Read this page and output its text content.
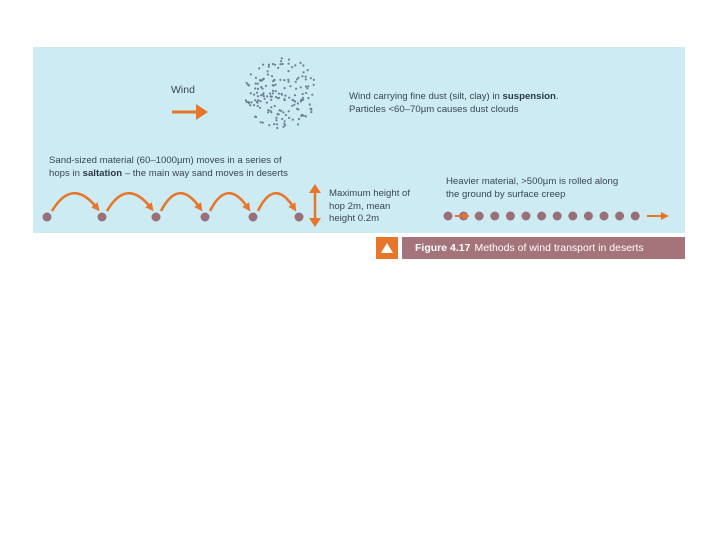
Wind
Wind carrying fine dust (silt, clay) in suspension.
Particles <60–70µm causes dust clouds
Sand-sized material (60–1000µm) moves in a series of
hops in saltation – the main way sand moves in deserts
Maximum height of
hop 2m, mean
height 0.2m
Heavier material, >500µm is rolled along
the ground by surface creep
Figure 4.17 Methods of wind transport in deserts
